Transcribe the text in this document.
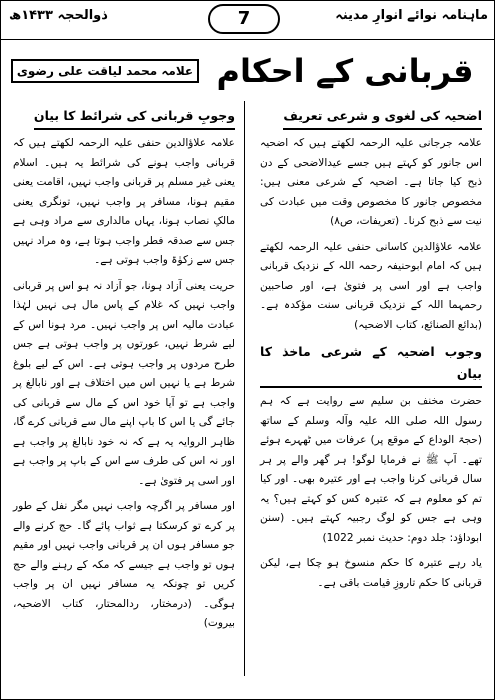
ماہنامہ نوائے انوارِ مدینہ
7
ذوالحجہ ۱۴۳۳ھ
قربانی کے احکام
علامہ محمد لیاقت علی رضوی
اضحیہ کی لغوی و شرعی تعریف

علامہ جرجانی علیہ الرحمہ لکھتے ہیں کہ اضحیہ اس جانور کو کہتے ہیں جسے عیدالاضحی کے دن ذبح کیا جاتا ہے۔ اضحیہ کے شرعی معنی ہیں: مخصوص جانور کا مخصوص وقت میں عبادت کی نیت سے ذبح کرنا۔ (تعریفات، ص۸)

علامہ علاؤالدین کاسانی حنفی علیہ الرحمہ لکھتے ہیں کہ امام ابوحنیفہ رحمہ اللہ کے نزدیک قربانی واجب ہے اور اسی پر فتویٰ ہے، اور صاحبین رحمہما اللہ کے نزدیک قربانی سنت مؤکدہ ہے۔ (بدائع الصنائع، کتاب الاضحیہ)

وجوب اضحیہ کے شرعی ماخذ کا بیان

حضرت مخنف بن سلیم سے روایت ہے کہ ہم رسول اللہ صلی اللہ علیہ وآلہ وسلم کے ساتھ (حجۃ الوداع کے موقع پر) عرفات میں ٹھہرے ہوئے تھے۔ آپ ﷺ نے فرمایا لوگو! ہر گھر والے پر ہر سال قربانی کرنا واجب ہے اور عتیرہ بھی۔ اور کیا تم کو معلوم ہے کہ عتیرہ کس کو کہتے ہیں؟ یہ وہی ہے جس کو لوگ رجبیہ کہتے ہیں۔ (سنن ابوداؤد: جلد دوم: حدیث نمبر 1022)

یاد رہے عتیرہ کا حکم منسوخ ہو چکا ہے، لیکن قربانی کا حکم تاروزِ قیامت باقی ہے۔

وجوبِ قربانی کی شرائط کا بیان

علامہ علاؤالدین حنفی علیہ الرحمہ لکھتے ہیں کہ قربانی واجب ہونے کی شرائط یہ ہیں۔ اسلام یعنی غیر مسلم پر قربانی واجب نہیں، اقامت یعنی مقیم ہونا، مسافر پر واجب نہیں، تونگری یعنی مالکِ نصاب ہونا، یہاں مالداری سے مراد وہی ہے جس سے صدقہ فطر واجب ہوتا ہے، وہ مراد نہیں جس سے زکوٰۃ واجب ہوتی ہے۔

حریت یعنی آزاد ہونا، جو آزاد نہ ہو اس پر قربانی واجب نہیں کہ غلام کے پاس مال ہی نہیں لہٰذا عبادت مالیہ اس پر واجب نہیں۔ مرد ہونا اس کے لیے شرط نہیں، عورتوں پر واجب ہوتی ہے جس طرح مردوں پر واجب ہوتی ہے۔ اس کے لیے بلوغ شرط ہے یا نہیں اس میں اختلاف ہے اور نابالغ پر واجب ہے تو آیا خود اس کے مال سے قربانی کی جائے گی یا اس کا باپ اپنے مال سے قربانی کرے گا، ظاہر الروایہ یہ ہے کہ نہ خود نابالغ پر واجب ہے اور نہ اس کی طرف سے اس کے باپ پر واجب ہے اور اسی پر فتویٰ ہے۔

اور مسافر پر اگرچہ واجب نہیں مگر نفل کے طور پر کرے تو کرسکتا ہے ثواب پائے گا۔ حج کرنے والے جو مسافر ہوں ان پر قربانی واجب نہیں اور مقیم ہوں تو واجب ہے جیسے کہ مکہ کے رہنے والے حج کریں تو چونکہ یہ مسافر نہیں ان پر واجب ہوگی۔ (درمختار، ردالمحتار، کتاب الاضحیہ، بیروت)
